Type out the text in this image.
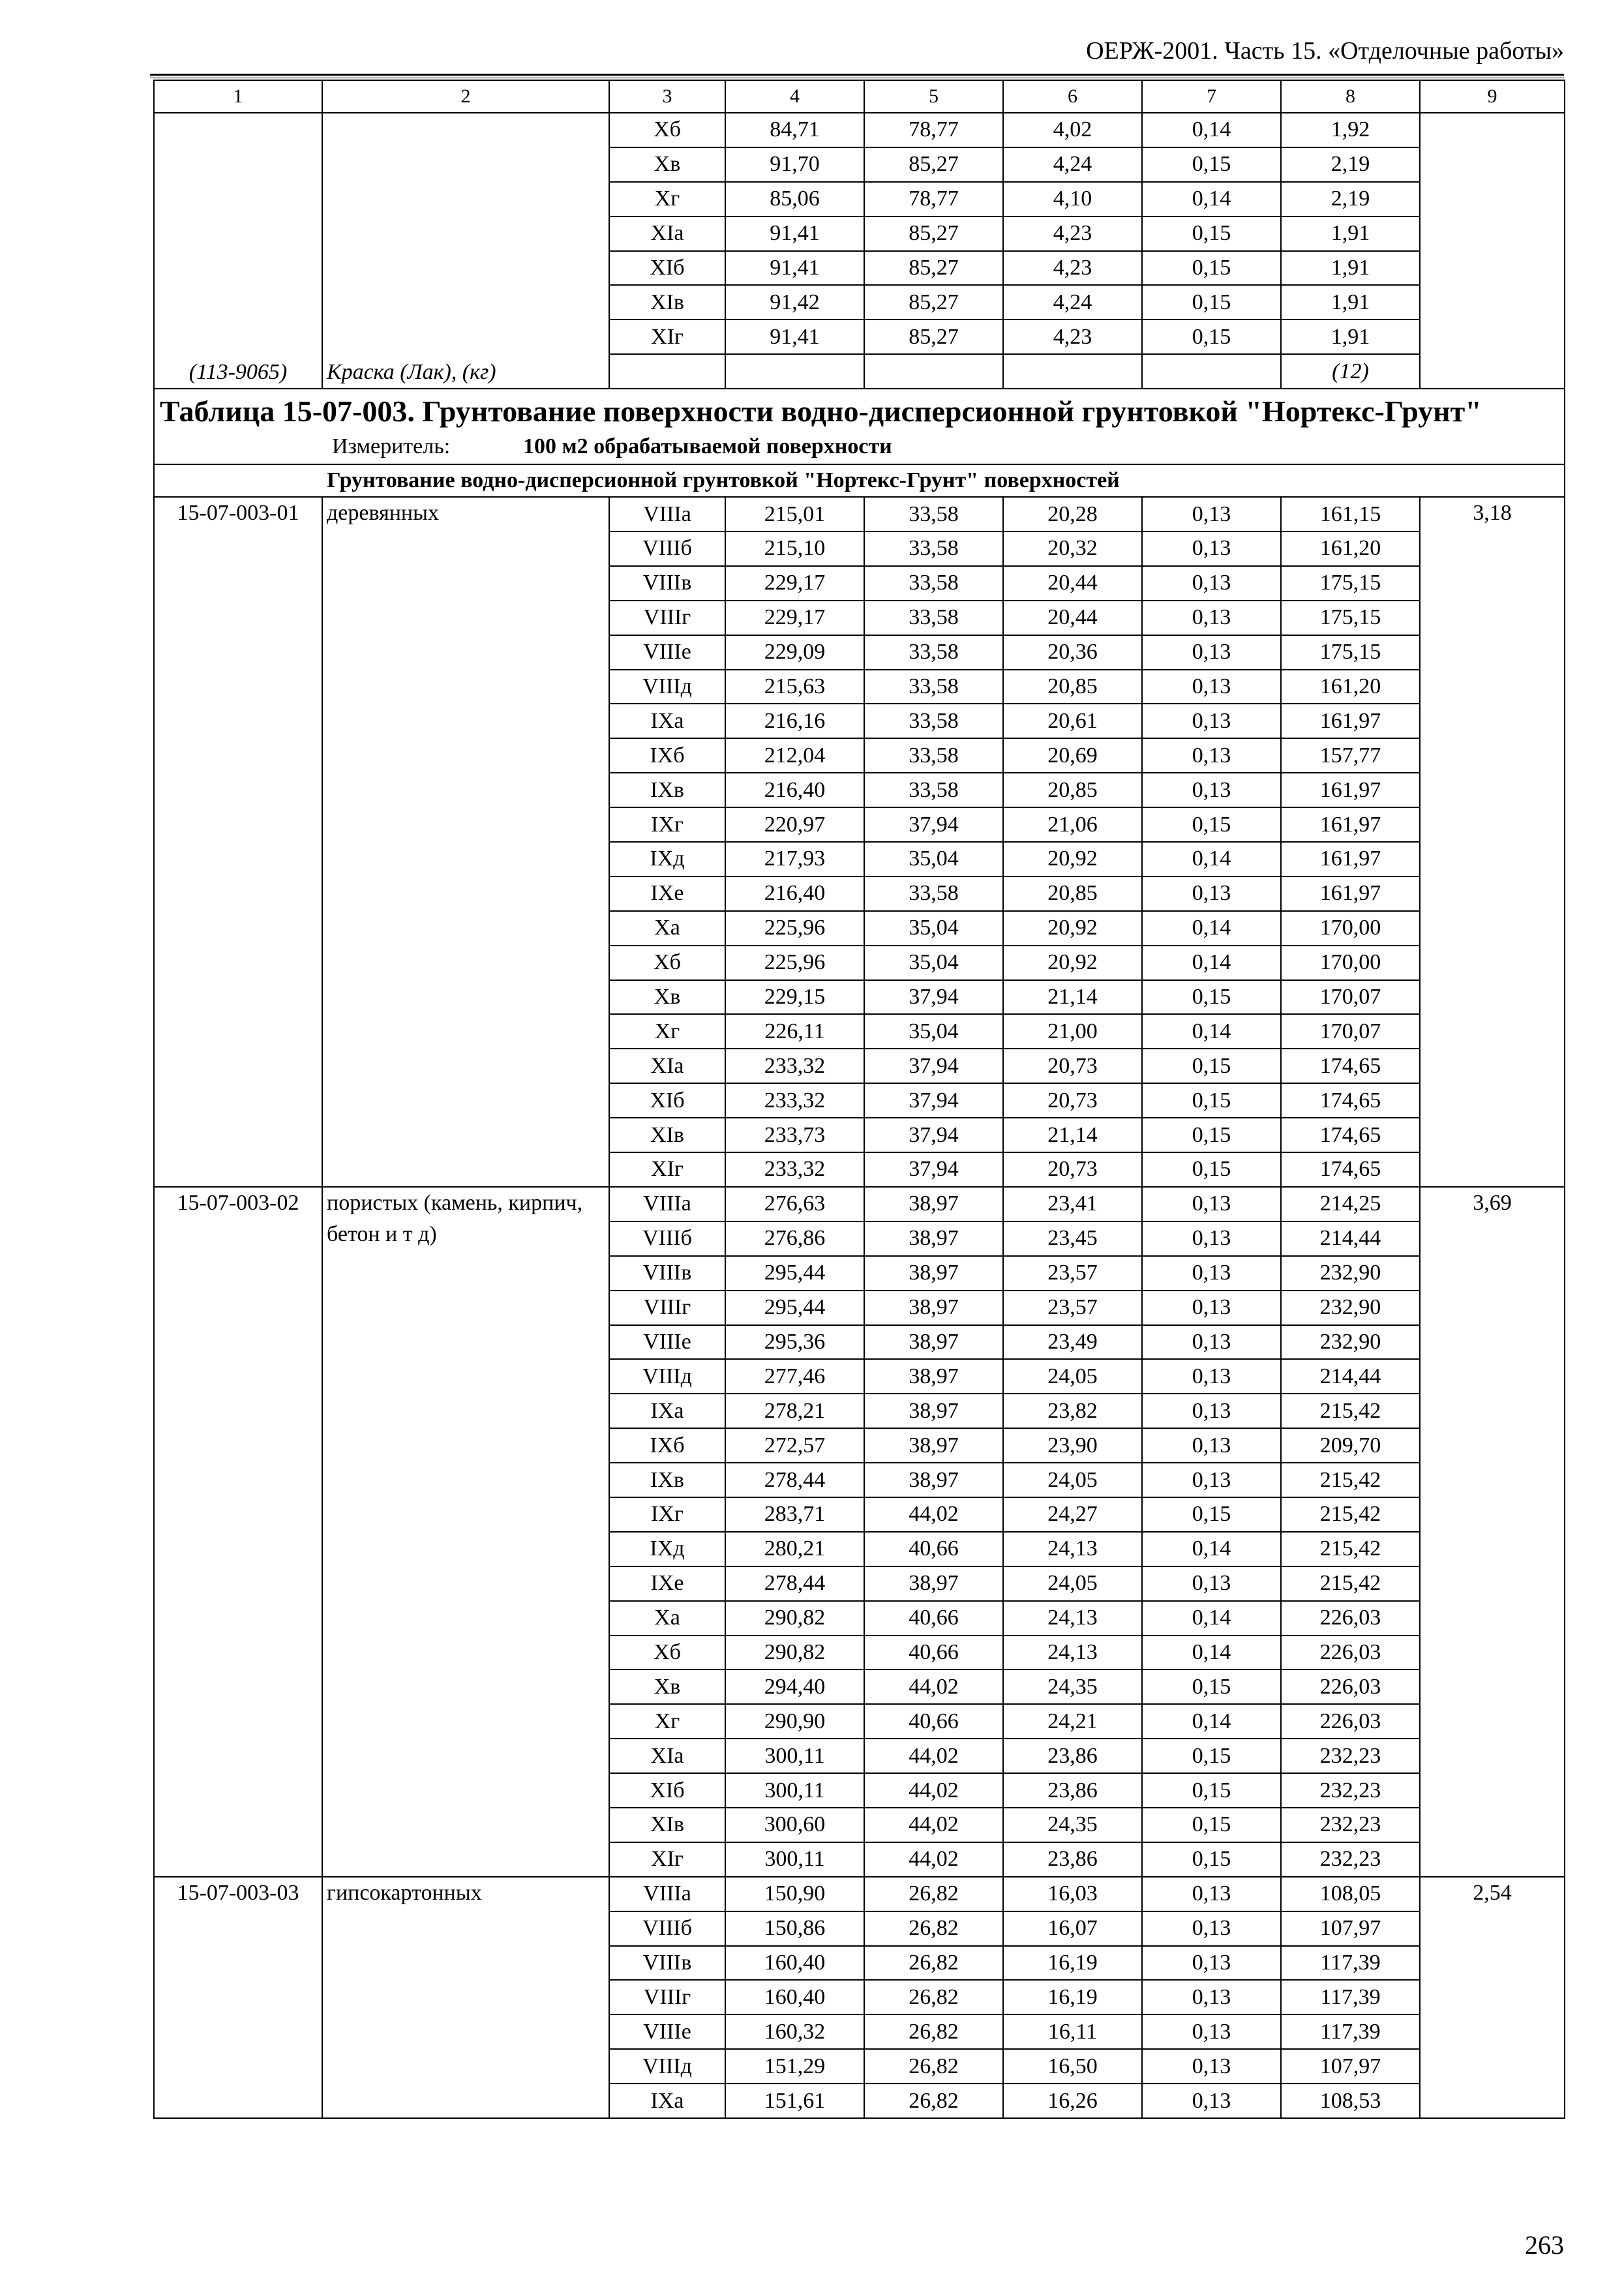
ОЕРЖ-2001. Часть 15. «Отделочные работы»
1	2	3	4	5	6	7	8	9
(113-9065)	Краска (Лак), (кг)	Xб	84,71	78,77	4,02	0,14	1,92	
		Xв	91,70	85,27	4,24	0,15	2,19	
		Xг	85,06	78,77	4,10	0,14	2,19	
		XIа	91,41	85,27	4,23	0,15	1,91	
		XIб	91,41	85,27	4,23	0,15	1,91	
		XIв	91,42	85,27	4,24	0,15	1,91	
		XIг	91,41	85,27	4,23	0,15	1,91	
							(12)	
Таблица 15-07-003. Грунтование поверхности водно-дисперсионной грунтовкой "Нортекс-Грунт"								
Измеритель: 100 м2 обрабатываемой поверхности								
Грунтование водно-дисперсионной грунтовкой "Нортекс-Грунт" поверхностей								
15-07-003-01	деревянных	VIIIа	215,01	33,58	20,28	0,13	161,15	3,18
		VIIIб	215,10	33,58	20,32	0,13	161,20	
		VIIIв	229,17	33,58	20,44	0,13	175,15	
		VIIIг	229,17	33,58	20,44	0,13	175,15	
		VIIIе	229,09	33,58	20,36	0,13	175,15	
		VIIIд	215,63	33,58	20,85	0,13	161,20	
		IXа	216,16	33,58	20,61	0,13	161,97	
		IXб	212,04	33,58	20,69	0,13	157,77	
		IXв	216,40	33,58	20,85	0,13	161,97	
		IXг	220,97	37,94	21,06	0,15	161,97	
		IXд	217,93	35,04	20,92	0,14	161,97	
		IXе	216,40	33,58	20,85	0,13	161,97	
		Xа	225,96	35,04	20,92	0,14	170,00	
		Xб	225,96	35,04	20,92	0,14	170,00	
		Xв	229,15	37,94	21,14	0,15	170,07	
		Xг	226,11	35,04	21,00	0,14	170,07	
		XIа	233,32	37,94	20,73	0,15	174,65	
		XIб	233,32	37,94	20,73	0,15	174,65	
		XIв	233,73	37,94	21,14	0,15	174,65	
		XIг	233,32	37,94	20,73	0,15	174,65	
15-07-003-02	пористых (камень, кирпич, бетон и т д)	VIIIа	276,63	38,97	23,41	0,13	214,25	3,69
		VIIIб	276,86	38,97	23,45	0,13	214,44	
		VIIIв	295,44	38,97	23,57	0,13	232,90	
		VIIIг	295,44	38,97	23,57	0,13	232,90	
		VIIIе	295,36	38,97	23,49	0,13	232,90	
		VIIIд	277,46	38,97	24,05	0,13	214,44	
		IXа	278,21	38,97	23,82	0,13	215,42	
		IXб	272,57	38,97	23,90	0,13	209,70	
		IXв	278,44	38,97	24,05	0,13	215,42	
		IXг	283,71	44,02	24,27	0,15	215,42	
		IXд	280,21	40,66	24,13	0,14	215,42	
		IXе	278,44	38,97	24,05	0,13	215,42	
		Xа	290,82	40,66	24,13	0,14	226,03	
		Xб	290,82	40,66	24,13	0,14	226,03	
		Xв	294,40	44,02	24,35	0,15	226,03	
		Xг	290,90	40,66	24,21	0,14	226,03	
		XIа	300,11	44,02	23,86	0,15	232,23	
		XIб	300,11	44,02	23,86	0,15	232,23	
		XIв	300,60	44,02	24,35	0,15	232,23	
		XIг	300,11	44,02	23,86	0,15	232,23	
15-07-003-03	гипсокартонных	VIIIа	150,90	26,82	16,03	0,13	108,05	2,54
		VIIIб	150,86	26,82	16,07	0,13	107,97	
		VIIIв	160,40	26,82	16,19	0,13	117,39	
		VIIIг	160,40	26,82	16,19	0,13	117,39	
		VIIIе	160,32	26,82	16,11	0,13	117,39	
		VIIIд	151,29	26,82	16,50	0,13	107,97	
		IXа	151,61	26,82	16,26	0,13	108,53	
263
